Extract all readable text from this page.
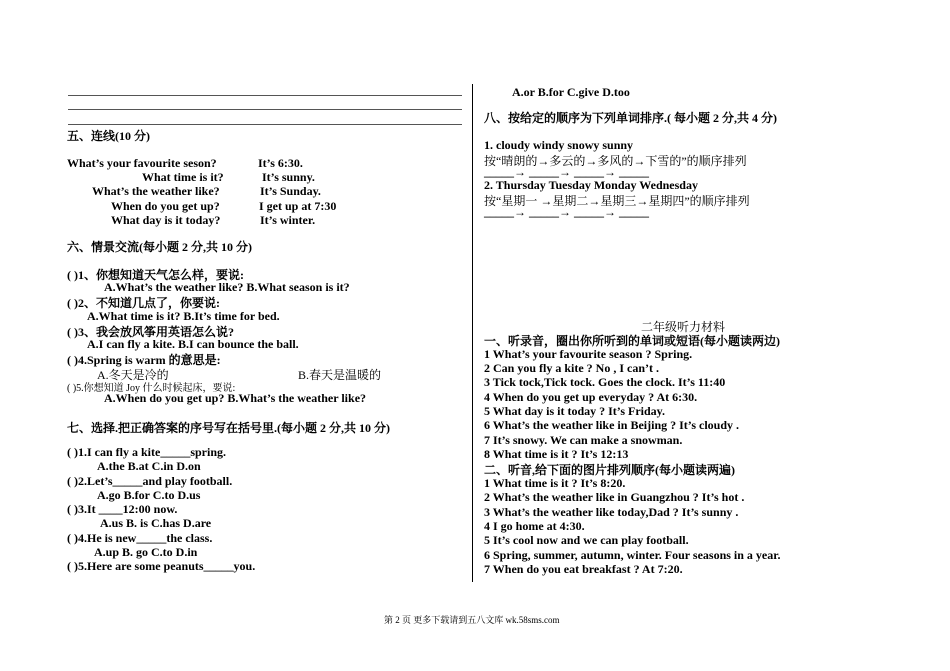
五、连线(10 分)
What’s your favourite seson?
What time is it?
What’s the weather like?
When do you get up?
What day is it today?
It’s 6:30.
It’s sunny.
It’s Sunday.
I get up at 7:30
It’s winter.
六、情景交流(每小题 2 分,共 10 分)
( )1、你想知道天气怎么样，要说:
A.What’s the weather like? B.What season is it?
( )2、不知道几点了，你要说:
A.What time is it? B.It’s time for bed.
( )3、我会放风筝用英语怎么说?
A.I can fly a kite. B.I can bounce the ball.
( )4.Spring is warm 的意思是:
A.冬天是冷的	B.春天是温暖的
( )5.你想知道 Joy 什么时候起床，要说:
A.When do you get up? B.What’s the weather like?
七、选择.把正确答案的序号写在括号里.(每小题 2 分,共 10 分)
( )1.I can fly a kite_____spring.
A.the B.at C.in D.on
( )2.Let’s_____and play football.
A.go B.for C.to D.us
( )3.It ____12:00 now.
A.us B. is C.has D.are
( )4.He is new_____the class.
A.up B. go C.to D.in
( )5.Here are some peanuts_____you.
A.or B.for C.give D.too
八、按给定的顺序为下列单词排序.( 每小题 2 分,共 4 分)
1. cloudy windy snowy sunny
按“晴朗的→多云的→多风的→下雪的”的顺序排列
_____→ _____→ _____→ _____
2. Thursday Tuesday Monday Wednesday
按“星期一 →星期二→星期三→星期四”的顺序排列
_____→ _____→ _____→ _____
二年级听力材料
一、听录音，圈出你所听到的单词或短语(每小题读两边)
1 What’s your favourite season ? Spring.
2 Can you fly a kite ? No , I can’t .
3 Tick tock,Tick tock. Goes the clock. It’s 11:40
4 When do you get up everyday ? At 6:30.
5 What day is it today ? It’s Friday.
6 What’s the weather like in Beijing ? It’s cloudy .
7 It’s snowy. We can make a snowman.
8 What time is it ? It’s 12:13
二、听音,给下面的图片排列顺序(每小题读两遍)
1 What time is it ? It’s 8:20.
2 What’s the weather like in Guangzhou ? It’s hot .
3 What’s the weather like today,Dad ? It’s sunny .
4 I go home at 4:30.
5 It’s cool now and we can play football.
6 Spring, summer, autumn, winter. Four seasons in a year.
7 When do you eat breakfast ? At 7:20.
第 2 页 更多下载请到五八文库 wk.58sms.com
